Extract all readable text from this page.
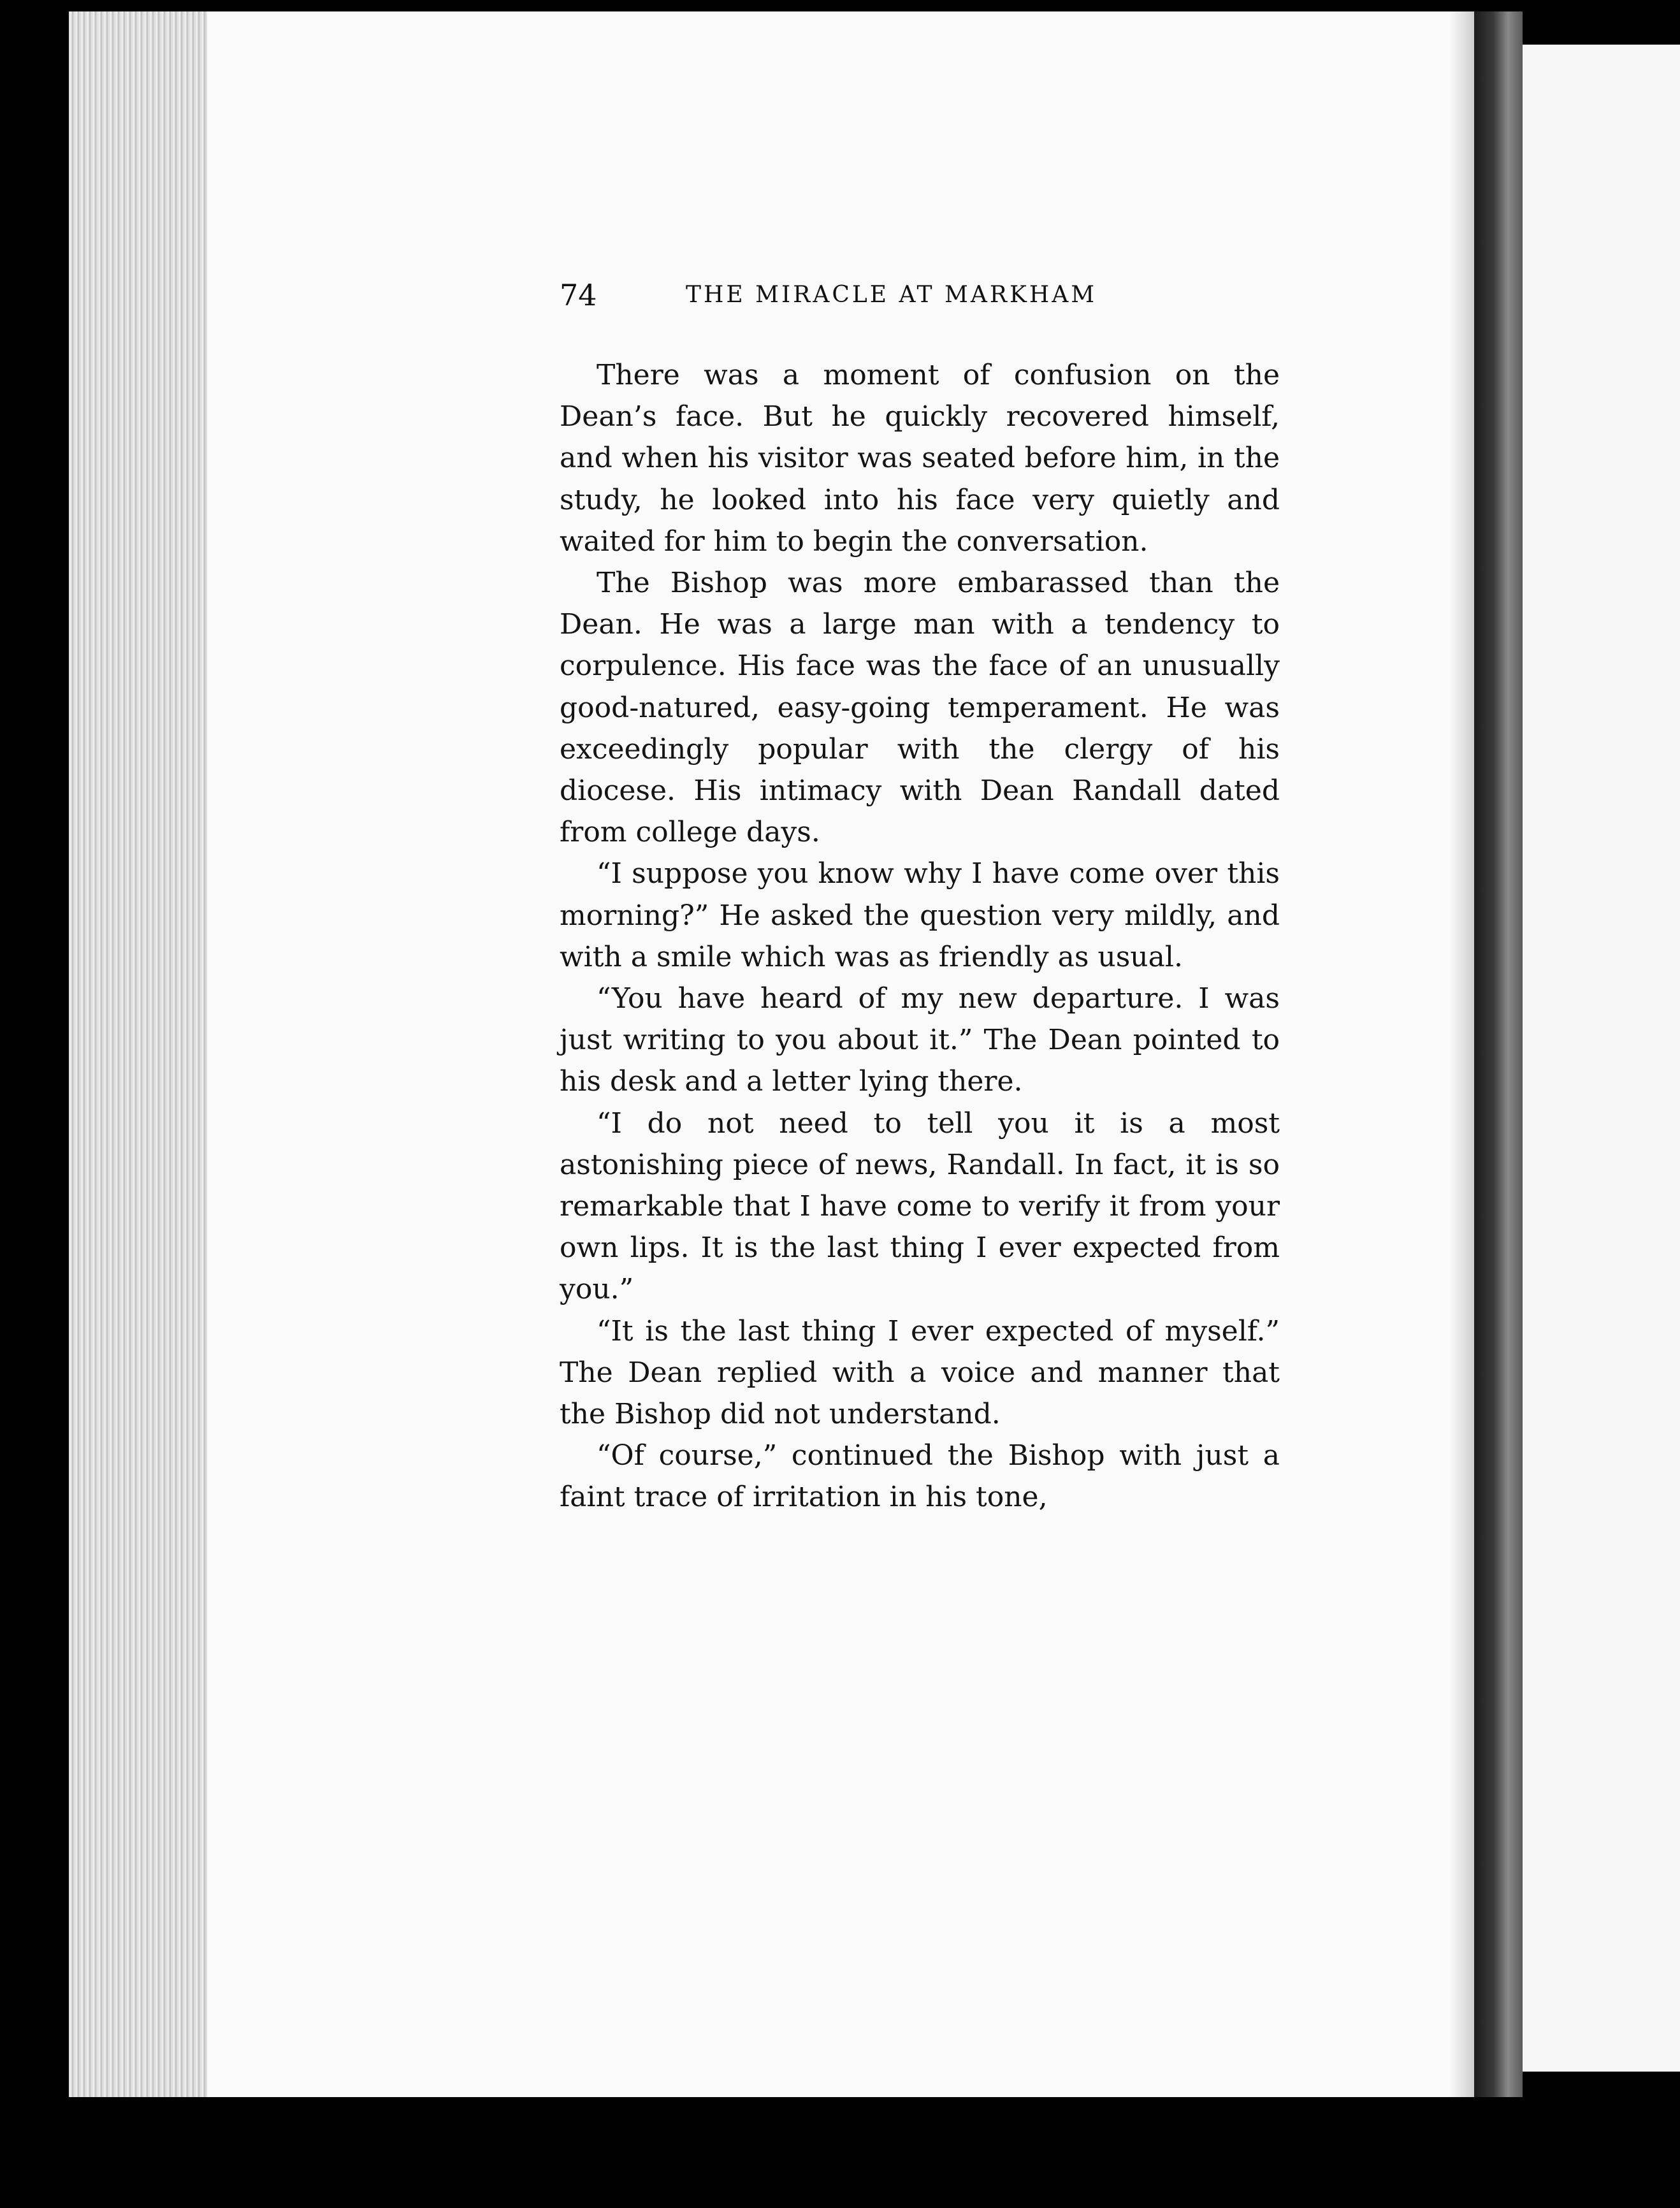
74	THE MIRACLE AT MARKHAM

There was a moment of confusion on the Dean’s face. But he quickly recovered himself, and when his visitor was seated before him, in the study, he looked into his face very quietly and waited for him to begin the conversation.

The Bishop was more embarassed than the Dean. He was a large man with a tendency to corpulence. His face was the face of an unusually good-natured, easy-going temperament. He was exceedingly popular with the clergy of his diocese. His intimacy with Dean Randall dated from college days.

“I suppose you know why I have come over this morning?” He asked the question very mildly, and with a smile which was as friendly as usual.

“You have heard of my new departure. I was just writing to you about it.” The Dean pointed to his desk and a letter lying there.

“I do not need to tell you it is a most astonishing piece of news, Randall. In fact, it is so remarkable that I have come to verify it from your own lips. It is the last thing I ever expected from you.”

“It is the last thing I ever expected of myself.” The Dean replied with a voice and manner that the Bishop did not understand.

“Of course,” continued the Bishop with just a faint trace of irritation in his tone,
